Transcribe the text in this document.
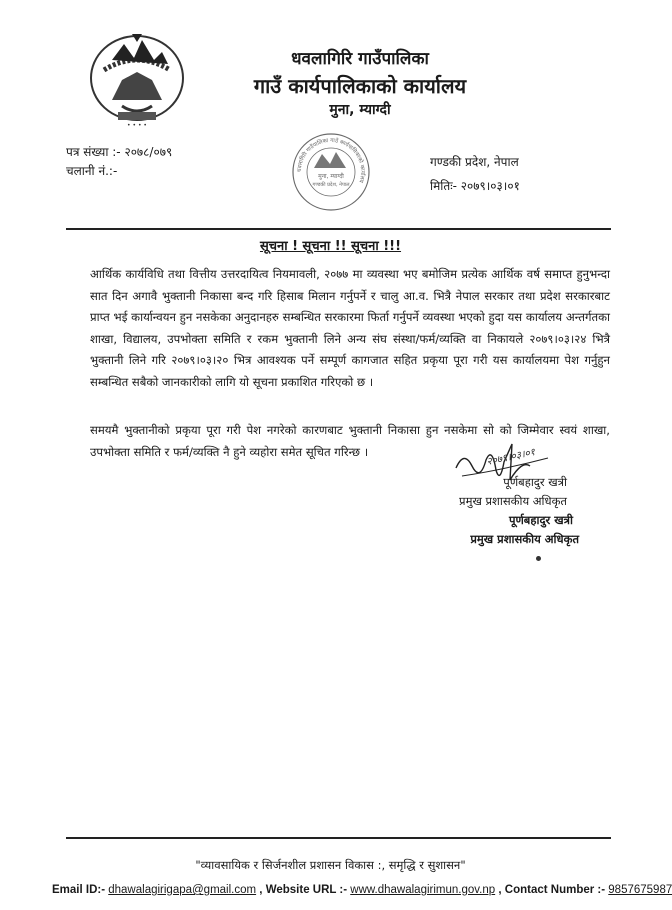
• • • •
धवलागिरि गाउँपालिका
गाउँ कार्यपालिकाको कार्यालय
मुना, म्याग्दी
पत्र संख्या :- २०७८/०७९
चलानी नं.:-
गण्डकी प्रदेश, नेपाल
मितिः- २०७९।०३।०१
धवलागिरि गाउँपालिका गाउँ कार्यपालिकाको कार्यालय
मुना, म्याग्दी
गण्डकी प्रदेश, नेपाल
सूचना ! सूचना !! सूचना !!!
आर्थिक कार्यविधि तथा वित्तीय उत्तरदायित्व नियमावली, २०७७ मा व्यवस्था भए बमोजिम प्रत्येक आर्थिक वर्ष समाप्त हुनुभन्दा सात दिन अगावै भुक्तानी निकासा बन्द गरि हिसाब मिलान गर्नुपर्ने र चालु आ.व. भित्रै नेपाल सरकार तथा प्रदेश सरकारबाट प्राप्त भई कार्यान्वयन हुन नसकेका अनुदानहरु सम्बन्धित सरकारमा फिर्ता गर्नुपर्ने व्यवस्था भएको हुदा यस कार्यालय अन्तर्गतका शाखा, विद्यालय, उपभोक्ता समिति र रकम भुक्तानी लिने अन्य संघ संस्था/फर्म/व्यक्ति वा निकायले २०७९।०३।२४ भित्रै भुक्तानी लिने गरि २०७९।०३।२० भित्र आवश्यक पर्ने सम्पूर्ण कागजात सहित प्रकृया पूरा गरी यस कार्यालयमा पेश गर्नुहुन सम्बन्धित सबैको जानकारीको लागि यो सूचना प्रकाशित गरिएको छ ।
समयमै भुक्तानीको प्रकृया पूरा गरी पेश नगरेको कारणबाट भुक्तानी निकासा हुन नसकेमा सो को जिम्मेवार स्वयं शाखा, उपभोक्ता समिति र फर्म/व्यक्ति नै हुने व्यहोरा समेत सूचित गरिन्छ ।	२०७९।०३।०१
पूर्णबहादुर खत्री
प्रमुख प्रशासकीय अधिकृत
पूर्णबहादुर खत्री
प्रमुख प्रशासकीय अधिकृत
"व्यावसायिक र सिर्जनशील प्रशासन विकास :, समृद्धि र सुशासन"
Email ID:- dhawalagirigapa@gmail.com , Website URL :- www.dhawalagirimun.gov.np , Contact Number :- 9857675987
